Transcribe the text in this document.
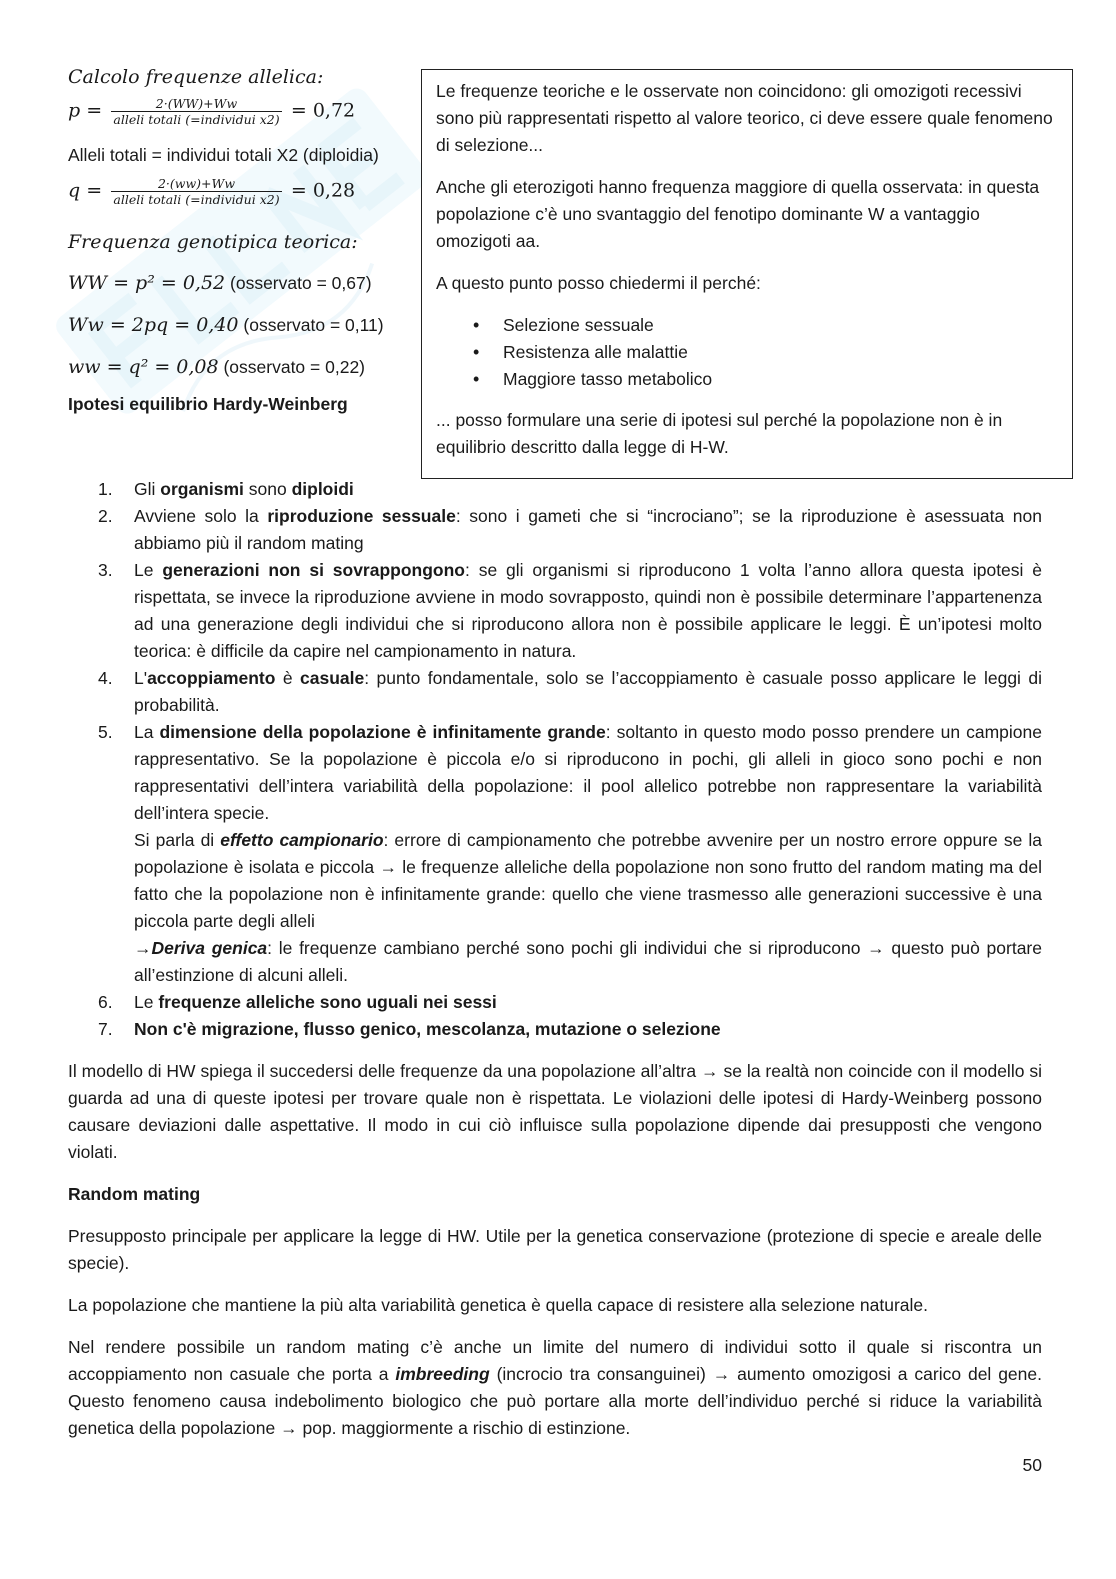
Calcolo frequenze allelica:
$p = \frac{2\cdot(WW)+Ww}{\text{alleli totali (=individui x2)}} = 0,72$
Alleli totali = individui totali X2 (diploidia)
$q = \frac{2\cdot(ww)+Ww}{\text{alleli totali (=individui x2)}} = 0,28$
Frequenza genotipica teorica:
WW = p² = 0,52 (osservato = 0,67)
Ww = 2pq = 0,40 (osservato = 0,11)
ww = q² = 0,08 (osservato = 0,22)
Ipotesi equilibrio Hardy-Weinberg

Le frequenze teoriche e le osservate non coincidono: gli omozigoti recessivi sono più rappresentati rispetto al valore teorico, ci deve essere quale fenomeno di selezione...

Anche gli eterozigoti hanno frequenza maggiore di quella osservata: in questa popolazione c’è uno svantaggio del fenotipo dominante W a vantaggio omozigoti aa.

A questo punto posso chiedermi il perché:

• Selezione sessuale
• Resistenza alle malattie
• Maggiore tasso metabolico

... posso formulare una serie di ipotesi sul perché la popolazione non è in equilibrio descritto dalla legge di H-W.

1. Gli organismi sono diploidi
2. Avviene solo la riproduzione sessuale: sono i gameti che si “incrociano”; se la riproduzione è asessuata non abbiamo più il random mating
3. Le generazioni non si sovrappongono: se gli organismi si riproducono 1 volta l’anno allora questa ipotesi è rispettata, se invece la riproduzione avviene in modo sovrapposto, quindi non è possibile determinare l’appartenenza ad una generazione degli individui che si riproducono allora non è possibile applicare le leggi. È un’ipotesi molto teorica: è difficile da capire nel campionamento in natura.
4. L'accoppiamento è casuale: punto fondamentale, solo se l’accoppiamento è casuale posso applicare le leggi di probabilità.
5. La dimensione della popolazione è infinitamente grande: soltanto in questo modo posso prendere un campione rappresentativo. Se la popolazione è piccola e/o si riproducono in pochi, gli alleli in gioco sono pochi e non rappresentativi dell’intera variabilità della popolazione: il pool allelico potrebbe non rappresentare la variabilità dell’intera specie.
Si parla di effetto campionario: errore di campionamento che potrebbe avvenire per un nostro errore oppure se la popolazione è isolata e piccola → le frequenze alleliche della popolazione non sono frutto del random mating ma del fatto che la popolazione non è infinitamente grande: quello che viene trasmesso alle generazioni successive è una piccola parte degli alleli
→Deriva genica: le frequenze cambiano perché sono pochi gli individui che si riproducono → questo può portare all’estinzione di alcuni alleli.
6. Le frequenze alleliche sono uguali nei sessi
7. Non c'è migrazione, flusso genico, mescolanza, mutazione o selezione

Il modello di HW spiega il succedersi delle frequenze da una popolazione all’altra → se la realtà non coincide con il modello si guarda ad una di queste ipotesi per trovare quale non è rispettata. Le violazioni delle ipotesi di Hardy-Weinberg possono causare deviazioni dalle aspettative. Il modo in cui ciò influisce sulla popolazione dipende dai presupposti che vengono violati.

Random mating

Presupposto principale per applicare la legge di HW. Utile per la genetica conservazione (protezione di specie e areale delle specie).

La popolazione che mantiene la più alta variabilità genetica è quella capace di resistere alla selezione naturale.

Nel rendere possibile un random mating c’è anche un limite del numero di individui sotto il quale si riscontra un accoppiamento non casuale che porta a imbreeding (incrocio tra consanguinei) → aumento omozigosi a carico del gene. Questo fenomeno causa indebolimento biologico che può portare alla morte dell’individuo perché si riduce la variabilità genetica della popolazione → pop. maggiormente a rischio di estinzione.

50
